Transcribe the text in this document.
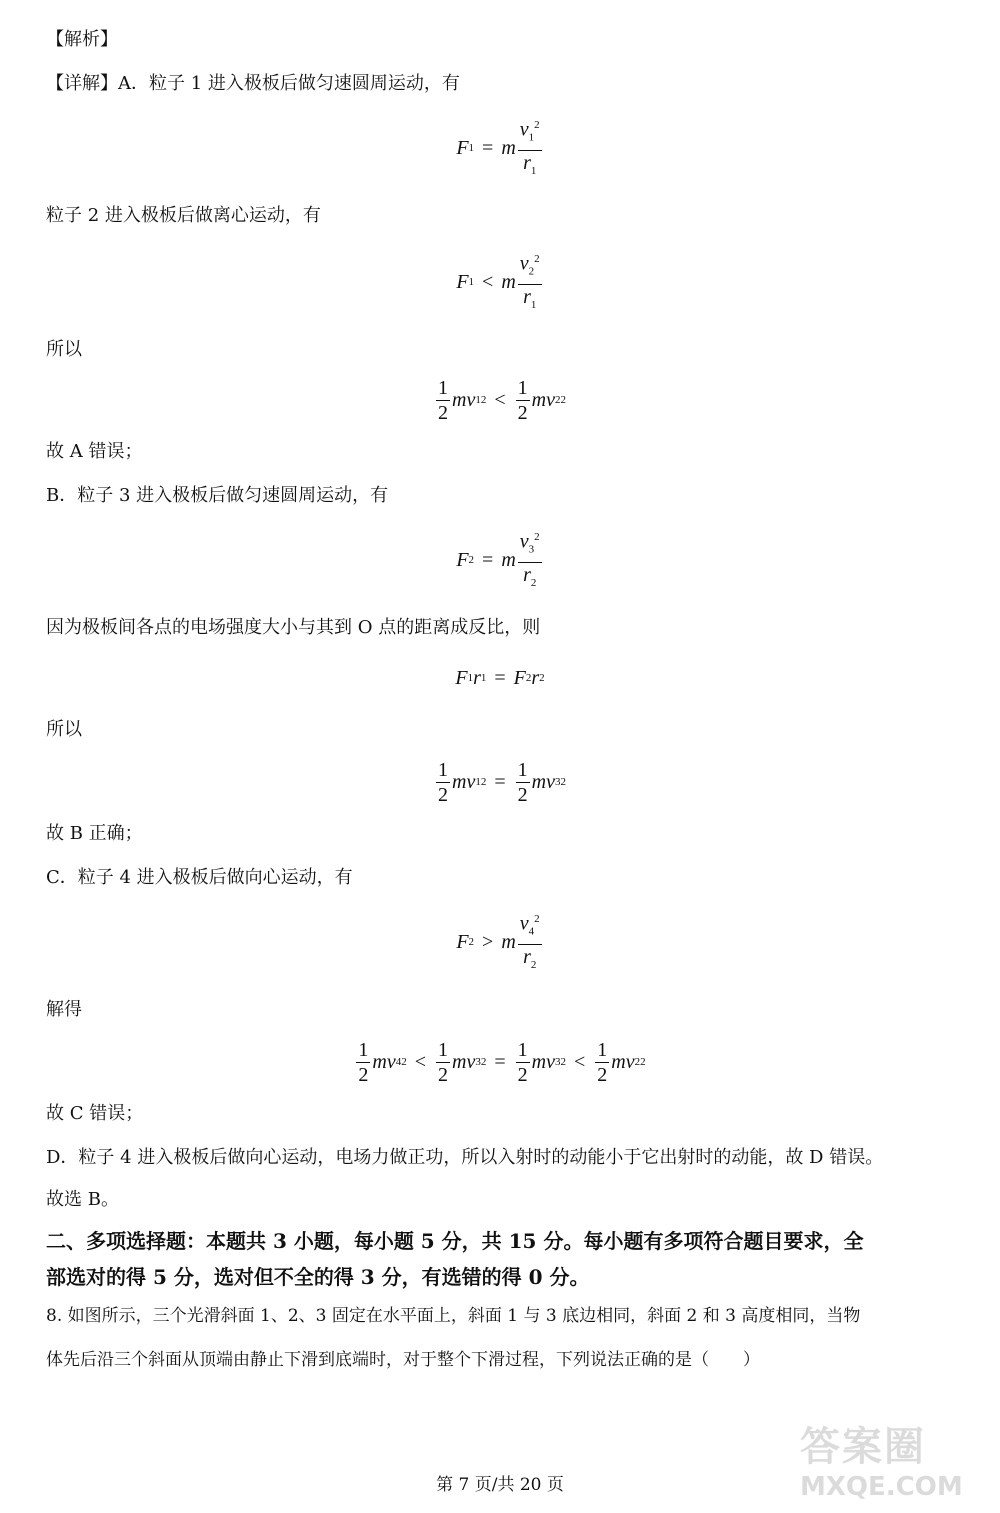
【解析】
【详解】A．粒子 1 进入极板后做匀速圆周运动，有
F 1 = m $\frac{v_1^2}{r_1}$
粒子 2 进入极板后做离心运动，有
F 1 < m $\frac{v_2^2}{r_1}$
所以
$\frac{1}{2}$ mv 1 $2 < \frac{1}{2}$ mv 2 2
故 A 错误；
B．粒子 3 进入极板后做匀速圆周运动，有
F 2 = m $\frac{v_3^2}{r_2}$
因为极板间各点的电场强度大小与其到 O 点的距离成反比，则
F 1 r 1 = F 2 r 2
所以
$\frac{1}{2}$ mv 1 $2 = \frac{1}{2}$ mv 3 2
故 B 正确；
C．粒子 4 进入极板后做向心运动，有
F 2 > m $\frac{v_4^2}{r_2}$
解得
$\frac{1}{2}$ mv 4 $2 < \frac{1}{2}$ mv 3 $2 = \frac{1}{2}$ mv 3 $2 < \frac{1}{2}$ mv 2 2
故 C 错误；
D．粒子 4 进入极板后做向心运动，电场力做正功，所以入射时的动能小于它出射时的动能，故 D 错误。
故选 B。
二、多项选择题：本题共 3 小题，每小题 5 分，共 15 分。每小题有多项符合题目要求，全
部选对的得 5 分，选对但不全的得 3 分，有选错的得 0 分。
8. 如图所示，三个光滑斜面 1、2、3 固定在水平面上，斜面 1 与 3 底边相同，斜面 2 和 3 高度相同，当物
体先后沿三个斜面从顶端由静止下滑到底端时，对于整个下滑过程，下列说法正确的是（　　）
答案圈
MXQE.COM
第 7 页/共 20 页
